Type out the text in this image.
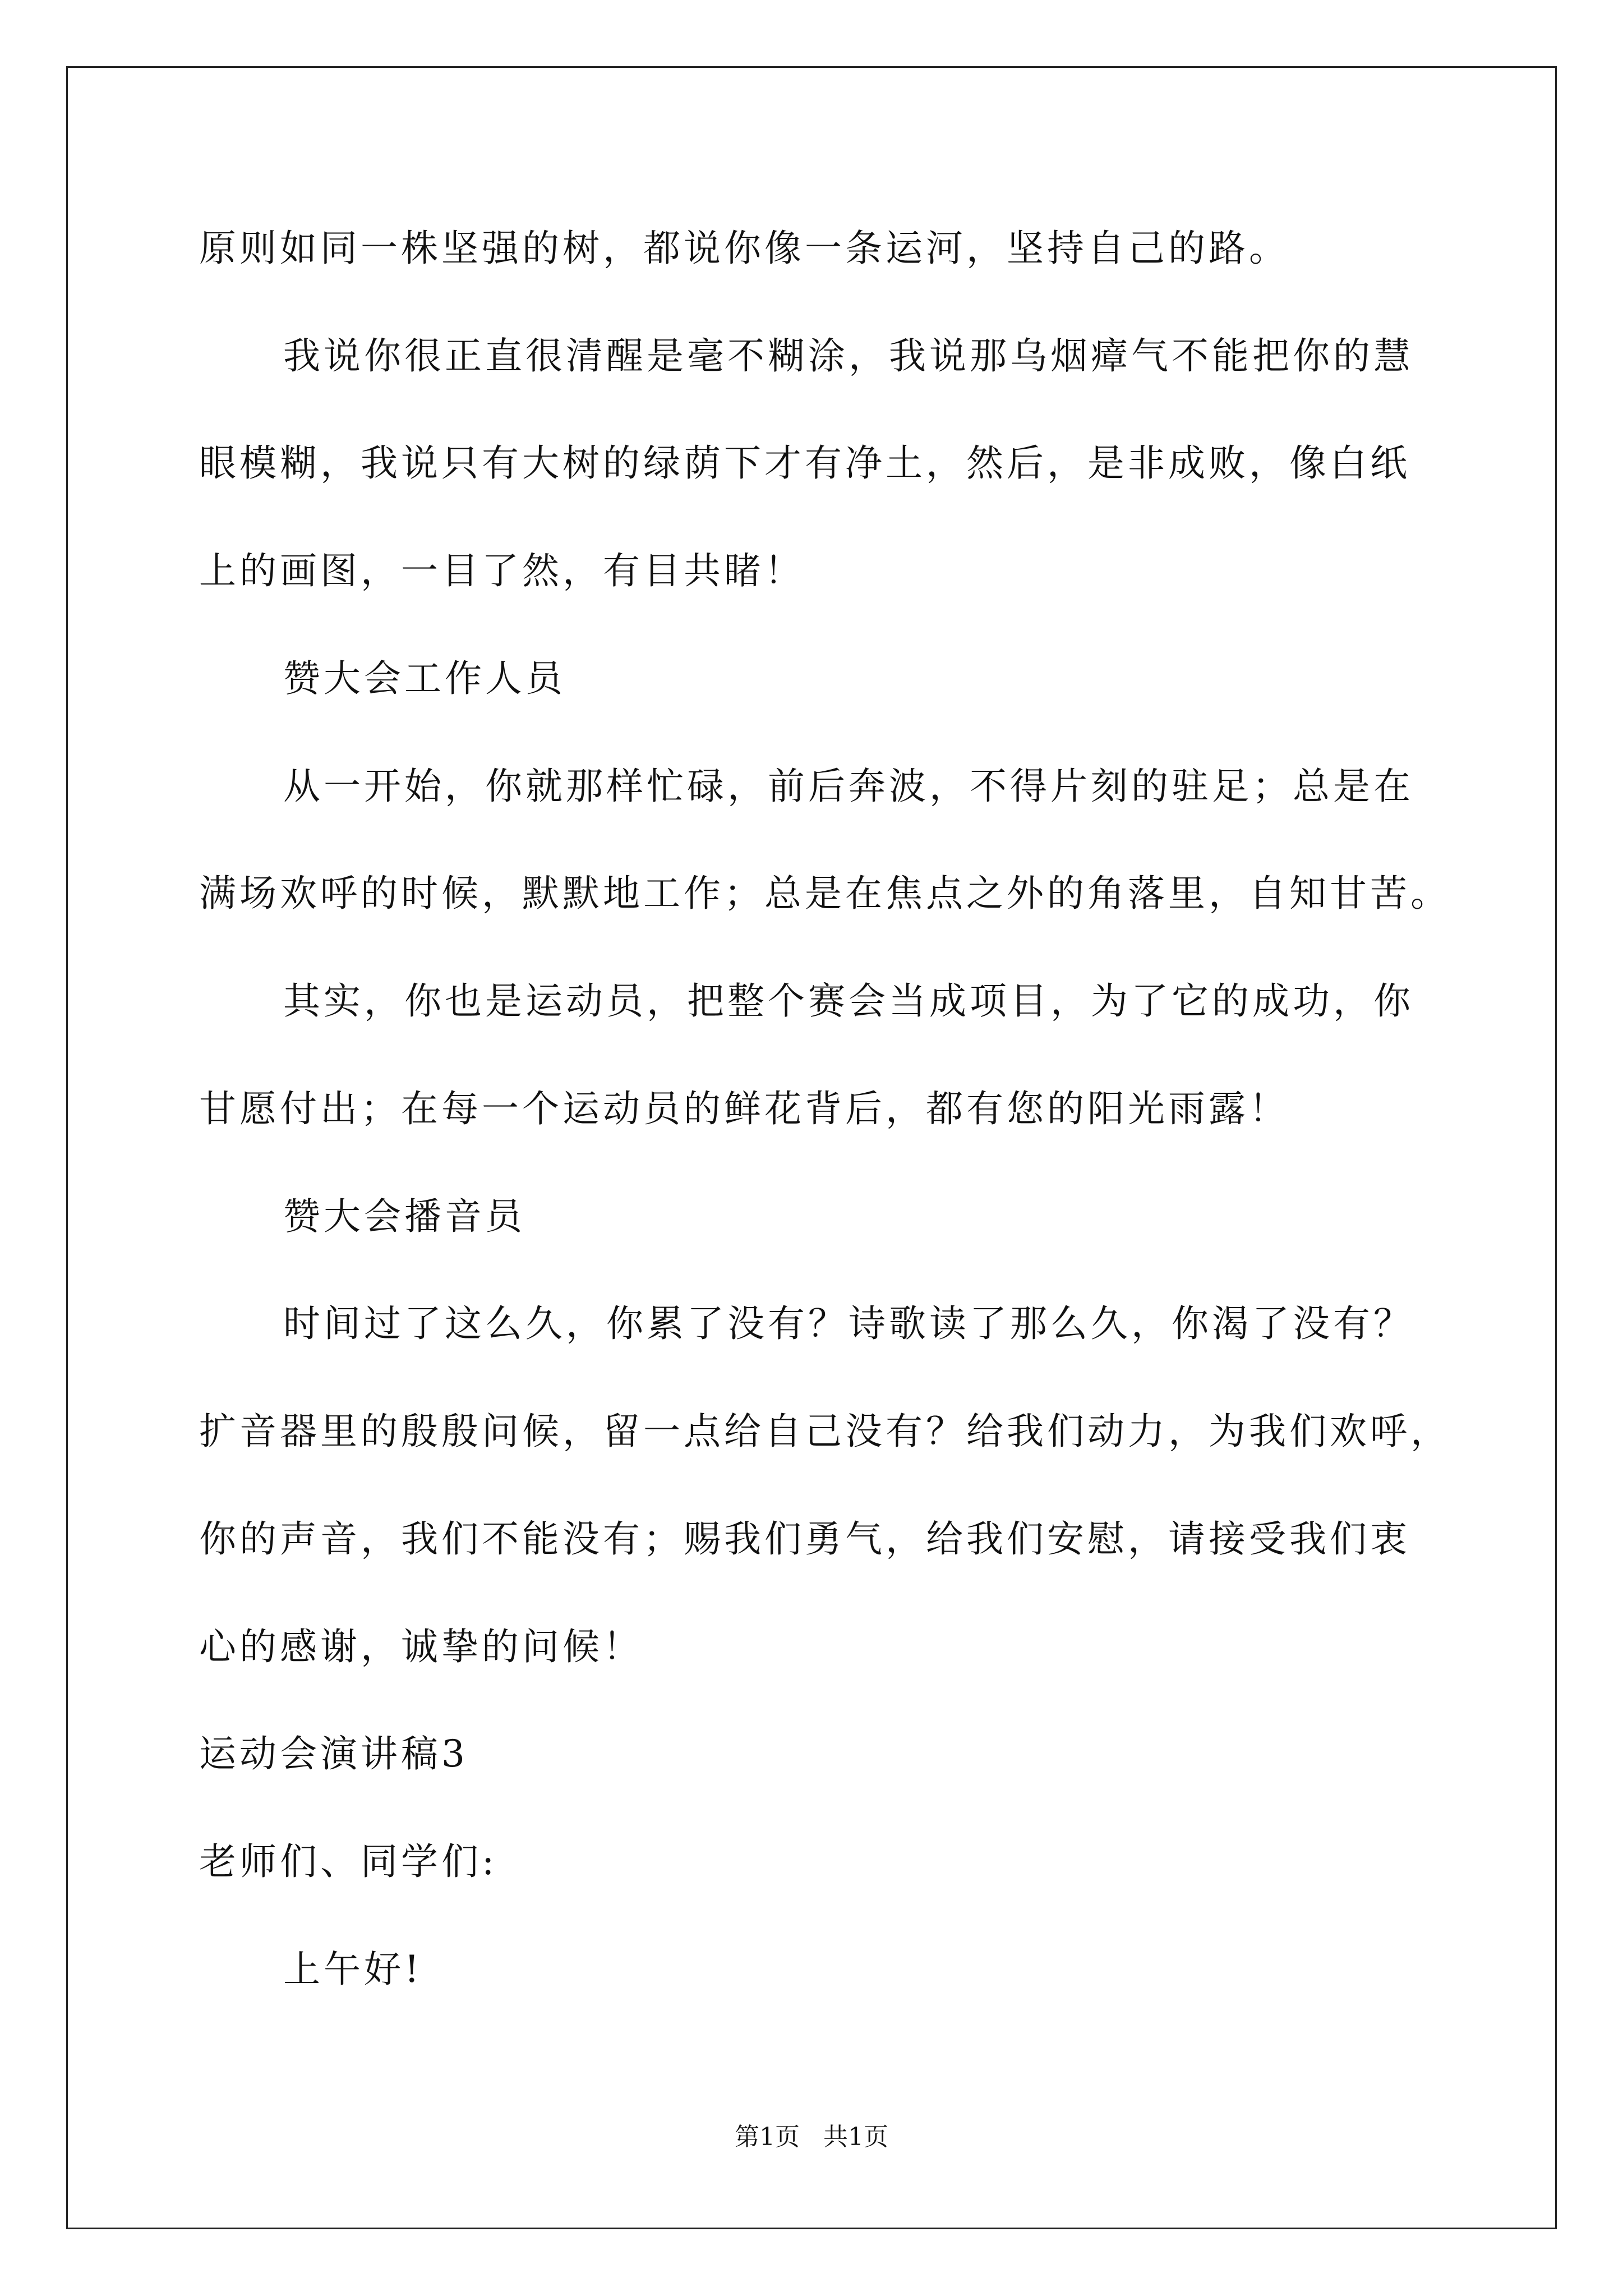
原则如同一株坚强的树，都说你像一条运河，坚持自己的路。
我说你很正直很清醒是毫不糊涂，我说那乌烟瘴气不能把你的慧
眼模糊，我说只有大树的绿荫下才有净土，然后，是非成败，像白纸
上的画图，一目了然，有目共睹！
赞大会工作人员
从一开始，你就那样忙碌，前后奔波，不得片刻的驻足；总是在
满场欢呼的时候，默默地工作；总是在焦点之外的角落里，自知甘苦。
其实，你也是运动员，把整个赛会当成项目，为了它的成功，你
甘愿付出；在每一个运动员的鲜花背后，都有您的阳光雨露！
赞大会播音员
时间过了这么久，你累了没有？诗歌读了那么久，你渴了没有？
扩音器里的殷殷问候，留一点给自己没有？给我们动力，为我们欢呼，
你的声音，我们不能没有；赐我们勇气，给我们安慰，请接受我们衷
心的感谢，诚挚的问候！
运动会演讲稿3
老师们、同学们:
上午好!
第1页   共1页
